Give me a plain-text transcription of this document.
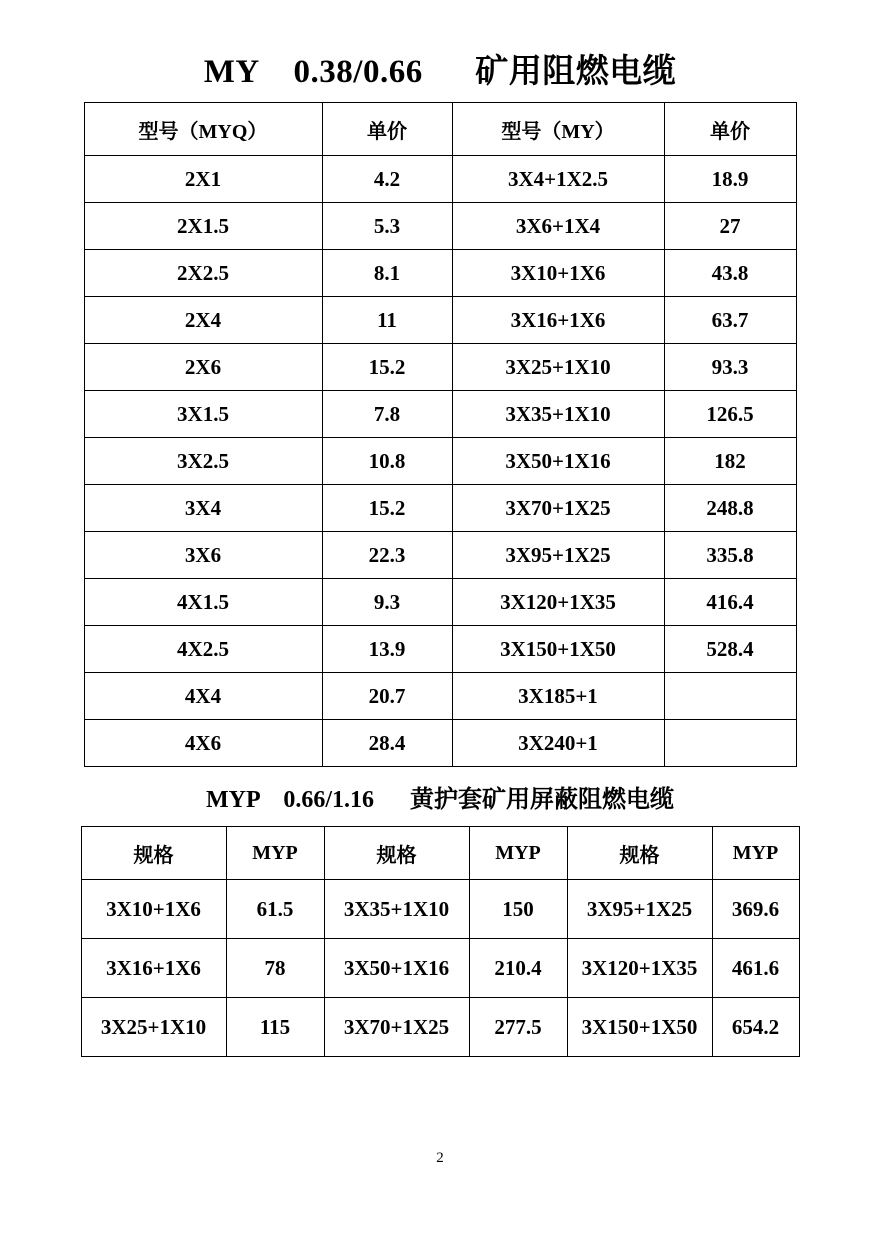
MY    0.38/0.66      矿用阻燃电缆
型号（MYQ）	单价	型号（MY）	单价
2X1	4.2	3X4+1X2.5	18.9
2X1.5	5.3	3X6+1X4	27
2X2.5	8.1	3X10+1X6	43.8
2X4	11	3X16+1X6	63.7
2X6	15.2	3X25+1X10	93.3
3X1.5	7.8	3X35+1X10	126.5
3X2.5	10.8	3X50+1X16	182
3X4	15.2	3X70+1X25	248.8
3X6	22.3	3X95+1X25	335.8
4X1.5	9.3	3X120+1X35	416.4
4X2.5	13.9	3X150+1X50	528.4
4X4	20.7	3X185+1	
4X6	28.4	3X240+1	
MYP    0.66/1.16      黄护套矿用屏蔽阻燃电缆
规格	MYP	规格	MYP	规格	MYP
3X10+1X6	61.5	3X35+1X10	150	3X95+1X25	369.6
3X16+1X6	78	3X50+1X16	210.4	3X120+1X35	461.6
3X25+1X10	115	3X70+1X25	277.5	3X150+1X50	654.2
2
